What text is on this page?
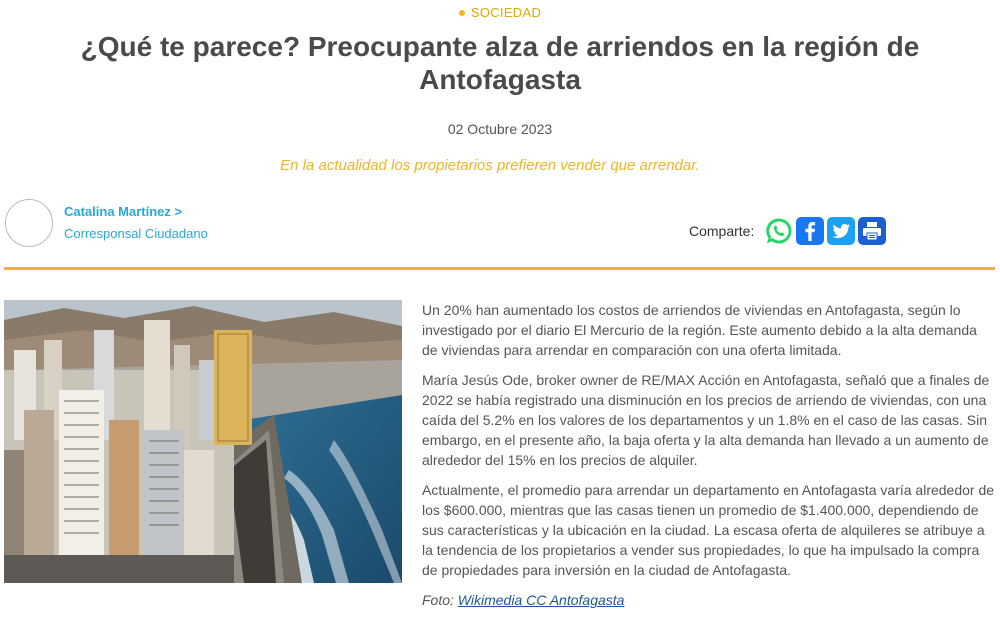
SOCIEDAD
¿Qué te parece? Preocupante alza de arriendos en la región de Antofagasta
02 Octubre 2023
En la actualidad los propietarios prefieren vender que arrendar.
Catalina Martínez >
Corresponsal Ciudadano	Comparte:

Un 20% han aumentado los costos de arriendos de viviendas en Antofagasta, según lo investigado por el diario El Mercurio de la región. Este aumento debido a la alta demanda de viviendas para arrendar en comparación con una oferta limitada.

María Jesús Ode, broker owner de RE/MAX Acción en Antofagasta, señaló que a finales de 2022 se había registrado una disminución en los precios de arriendo de viviendas, con una caída del 5.2% en los valores de los departamentos y un 1.8% en el caso de las casas. Sin embargo, en el presente año, la baja oferta y la alta demanda han llevado a un aumento de alrededor del 15% en los precios de alquiler.

Actualmente, el promedio para arrendar un departamento en Antofagasta varía alrededor de los $600.000, mientras que las casas tienen un promedio de $1.400.000, dependiendo de sus características y la ubicación en la ciudad. La escasa oferta de alquileres se atribuye a la tendencia de los propietarios a vender sus propiedades, lo que ha impulsado la compra de propiedades para inversión en la ciudad de Antofagasta.

Foto: Wikimedia CC Antofagasta
